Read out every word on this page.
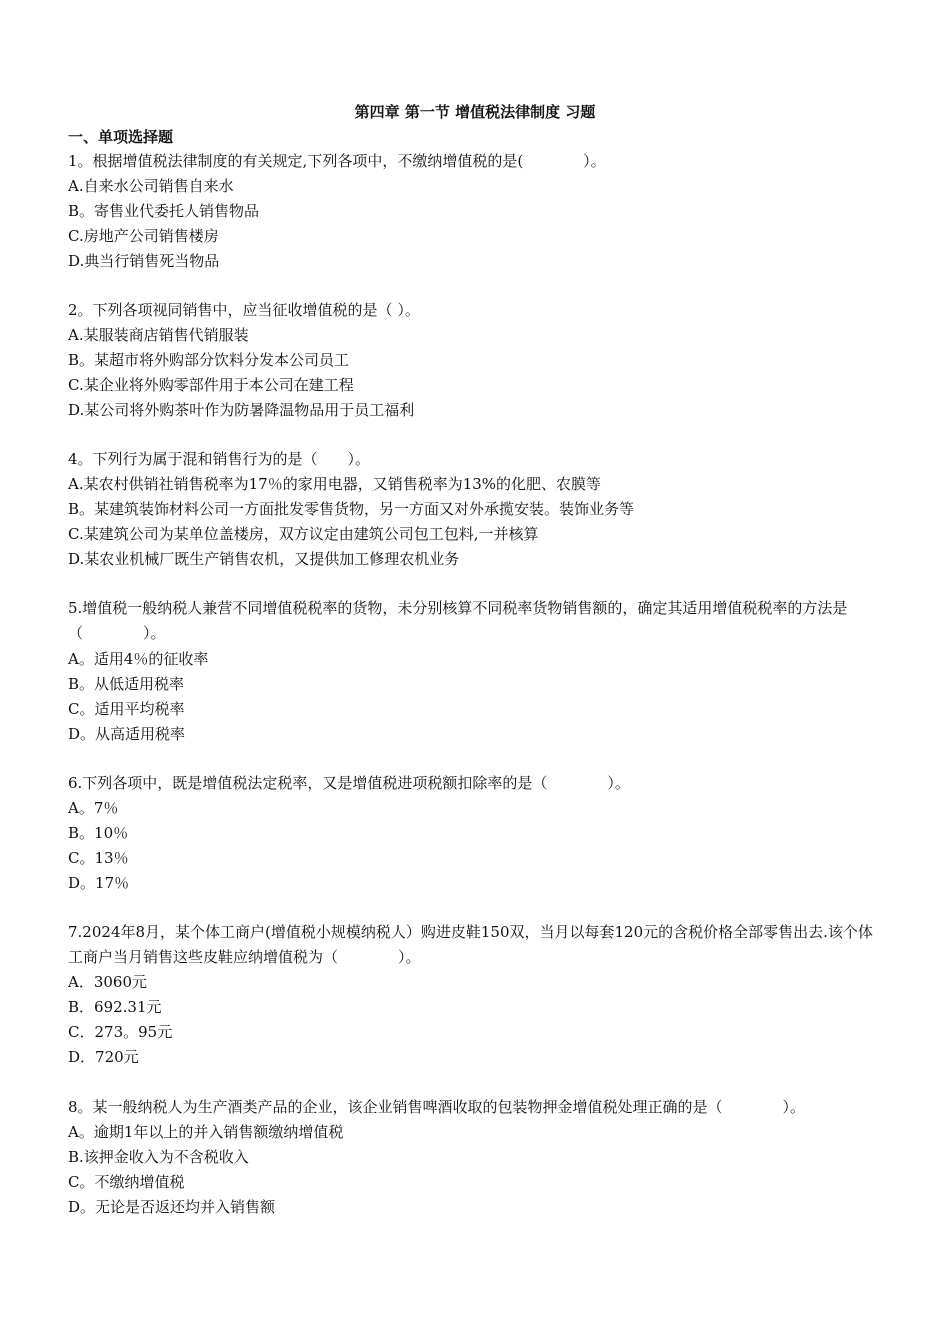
第四章 第一节 增值税法律制度 习题
一、单项选择题
1。根据增值税法律制度的有关规定,下列各项中，不缴纳增值税的是(　　　　）。
A.自来水公司销售自来水
B。寄售业代委托人销售物品
C.房地产公司销售楼房
D.典当行销售死当物品
2。下列各项视同销售中，应当征收增值税的是（ ）。
A.某服装商店销售代销服装
B。某超市将外购部分饮料分发本公司员工
C.某企业将外购零部件用于本公司在建工程
D.某公司将外购茶叶作为防暑降温物品用于员工福利
4。下列行为属于混和销售行为的是（　　）。
A.某农村供销社销售税率为17％的家用电器，又销售税率为13%的化肥、农膜等
B。某建筑装饰材料公司一方面批发零售货物，另一方面又对外承揽安装。装饰业务等
C.某建筑公司为某单位盖楼房，双方议定由建筑公司包工包料,一并核算
D.某农业机械厂既生产销售农机，又提供加工修理农机业务
5.增值税一般纳税人兼营不同增值税税率的货物，未分别核算不同税率货物销售额的，确定其适用增值税税率的方法是（　　　　）。
A。适用4％的征收率
B。从低适用税率
C。适用平均税率
D。从高适用税率
6.下列各项中，既是增值税法定税率，又是增值税进项税额扣除率的是（　　　　）。
A。7％
B。10％
C。13％
D。17％
7.2024年8月，某个体工商户(增值税小规模纳税人）购进皮鞋150双，当月以每套120元的含税价格全部零售出去.该个体工商户当月销售这些皮鞋应纳增值税为（　　　　）。
A．3060元
B．692.31元
C．273。95元
D．720元
8。某一般纳税人为生产酒类产品的企业，该企业销售啤酒收取的包装物押金增值税处理正确的是（　　　　）。
A。逾期1年以上的并入销售额缴纳增值税
B.该押金收入为不含税收入
C。不缴纳增值税
D。无论是否返还均并入销售额
